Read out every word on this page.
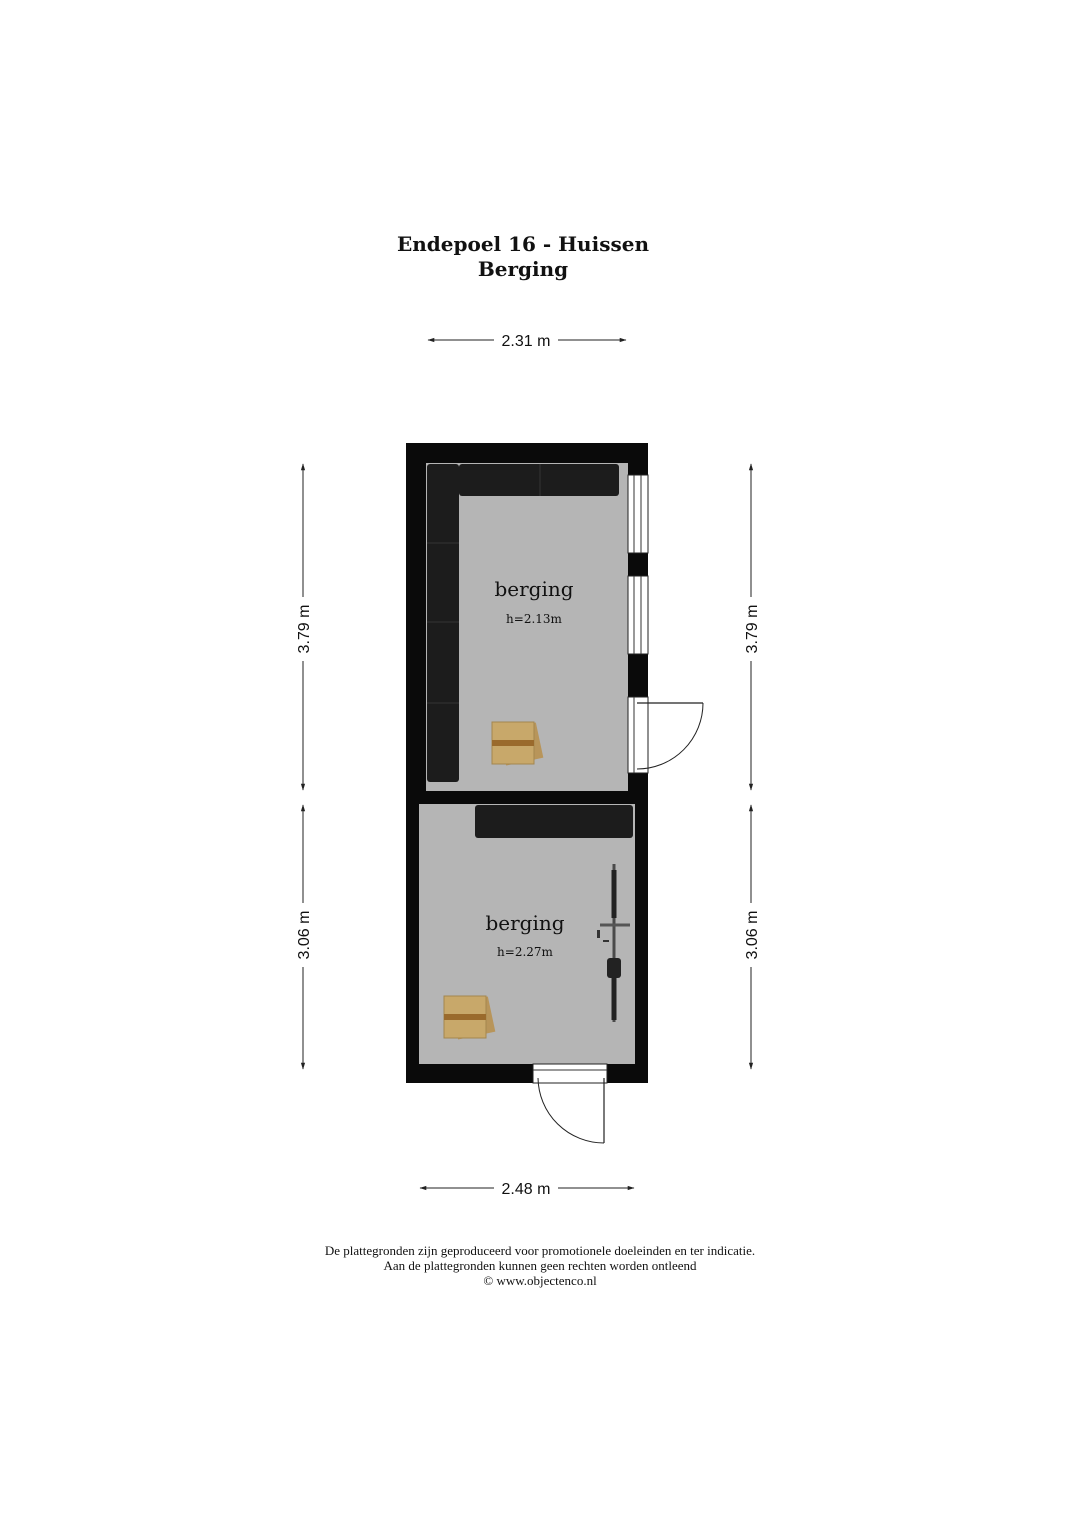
Endepoel 16 - Huissen
Berging
berging
h=2.13m
berging
h=2.27m
2.31 m
2.48 m
3.79 m
3.06 m
3.79 m
3.06 m
De plattegronden zijn geproduceerd voor promotionele doeleinden en ter indicatie.
Aan de plattegronden kunnen geen rechten worden ontleend
© www.objectenco.nl
